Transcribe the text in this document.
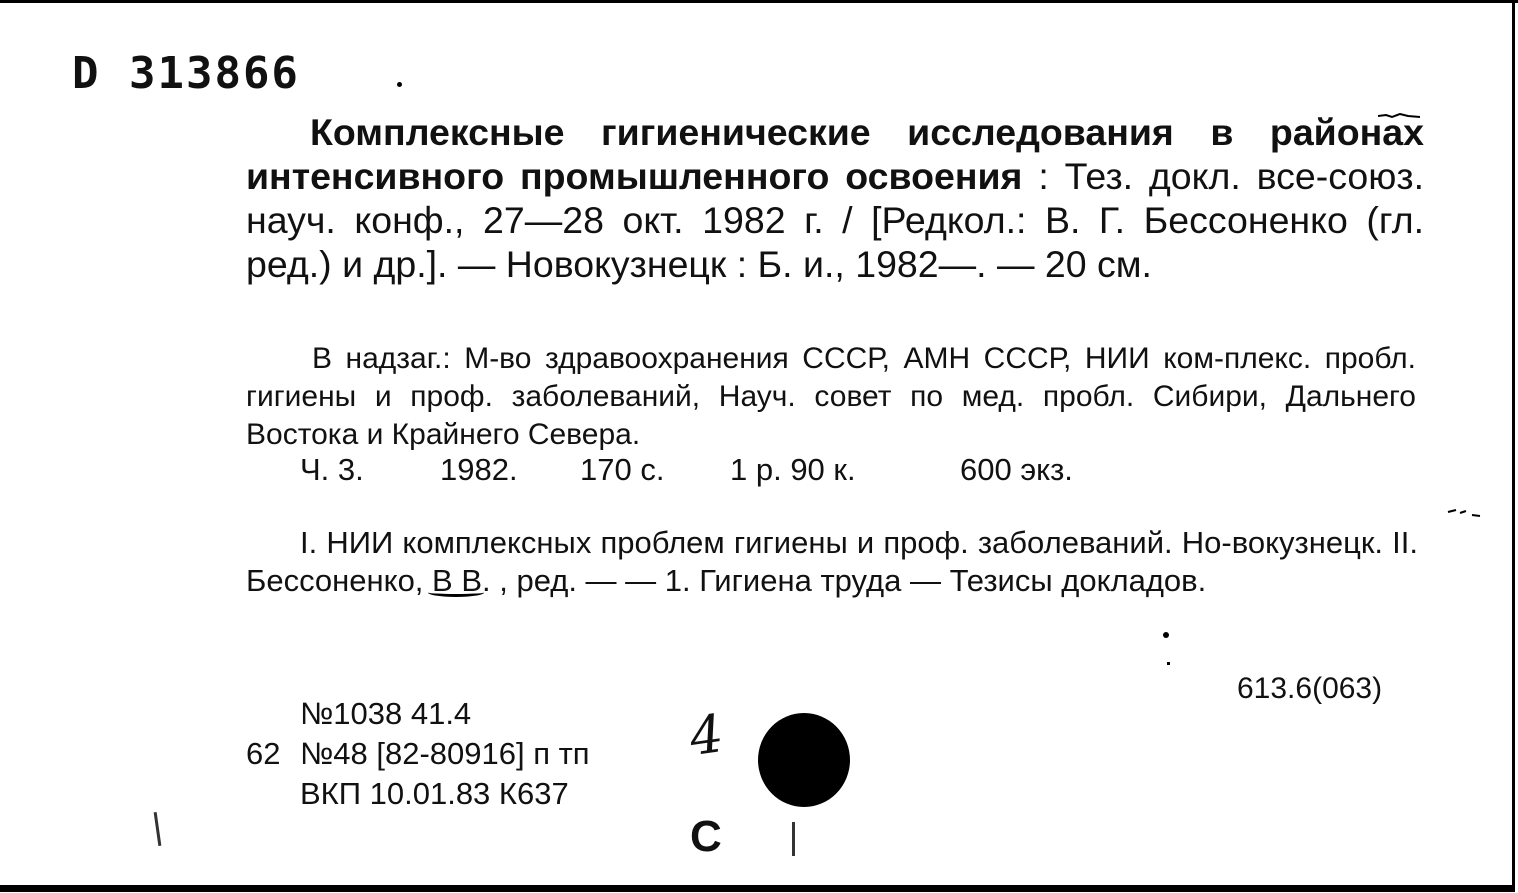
D 313866
Комплексные гигиенические исследования в районах интенсивного промышленного освоения : Тез. докл. все-союз. науч. конф., 27—28 окт. 1982 г. / [Редкол.: В. Г. Бессоненко (гл. ред.) и др.]. — Новокузнецк : Б. и., 1982—. — 20 см.
В надзаг.: М-во здравоохранения СССР, АМН СССР, НИИ ком-плекс. пробл. гигиены и проф. заболеваний, Науч. совет по мед. пробл. Сибири, Дальнего Востока и Крайнего Севера.
Ч. 3. 1982. 170 с. 1 р. 90 к.	600 экз.
I. НИИ комплексных проблем гигиены и проф. заболеваний. Но-вокузнецк. II. Бессоненко, В В. , ред. — — 1. Гигиена труда — Тезисы докладов.
613.6(063)
№1038 41.4
62 №48 [82-80916] п тп
ВКП 10.01.83 К637
4
С
